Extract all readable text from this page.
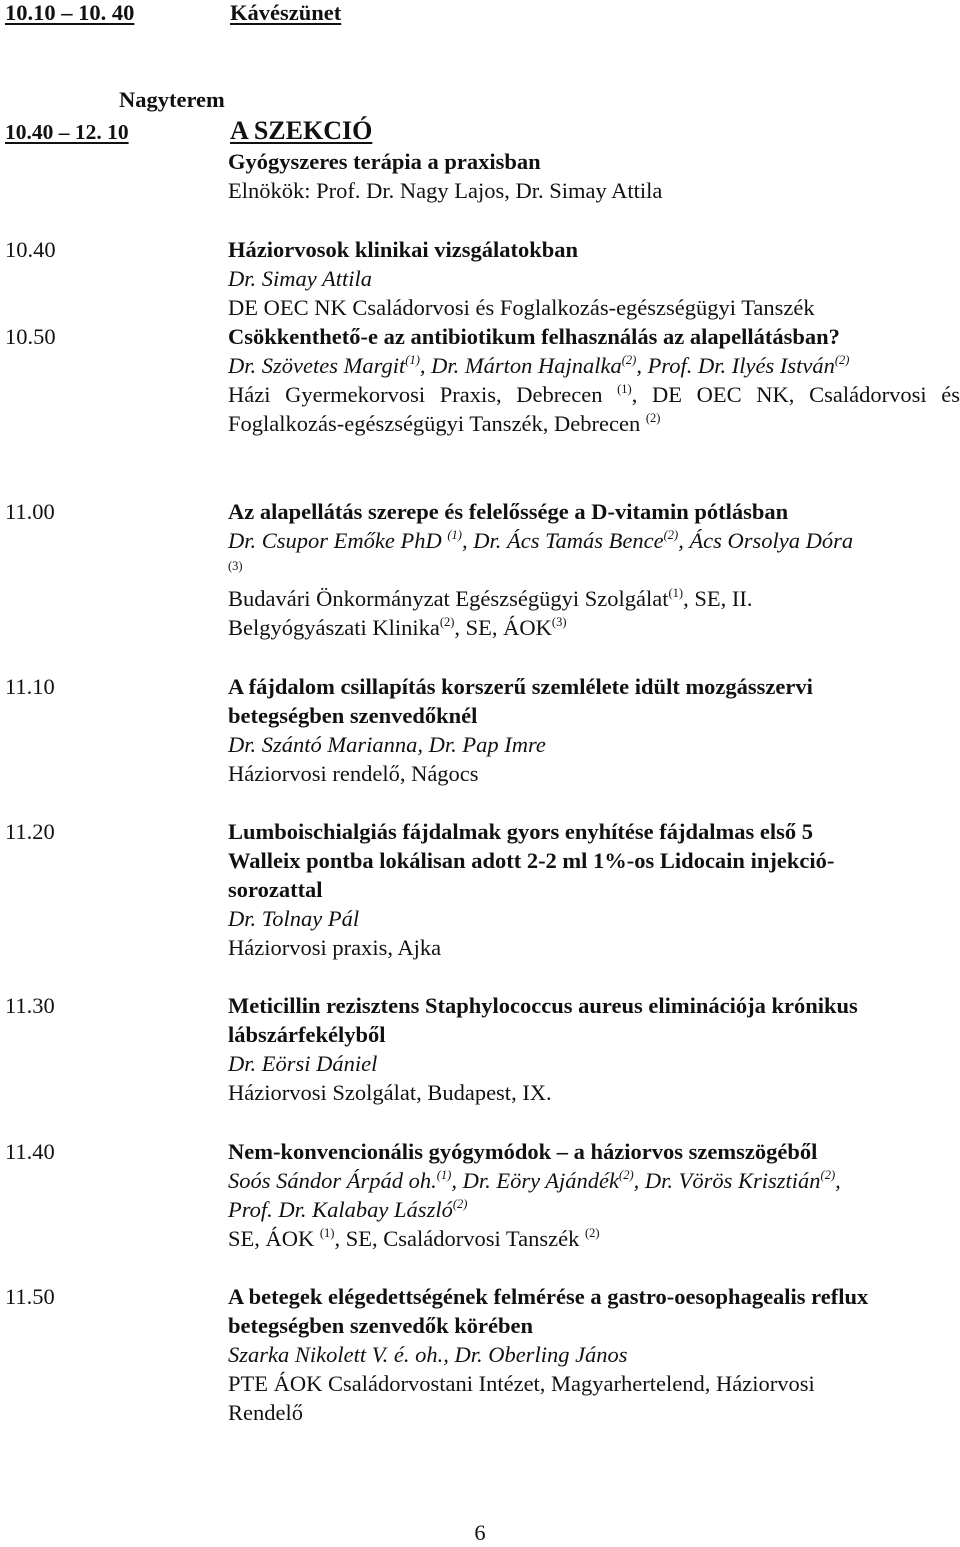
10.10 – 10. 40	Kávészünet
Nagyterem
10.40 – 12. 10	A SZEKCIÓ
Gyógyszeres terápia a praxisban
Elnökök: Prof. Dr. Nagy Lajos, Dr. Simay Attila
10.40	Háziorvosok klinikai vizsgálatokban
Dr. Simay Attila
DE OEC NK Családorvosi és Foglalkozás-egészségügyi Tanszék
10.50	Csökkenthető-e az antibiotikum felhasználás az alapellátásban?
Dr. Szövetes Margit$^{(1)}$, Dr. Márton Hajnalka$^{(2)}$, Prof. Dr. Ilyés István$^{(2)}$
Házi Gyermekorvosi Praxis, Debrecen $^{(1)}$, DE OEC NK, Családorvosi és
Foglalkozás-egészségügyi Tanszék, Debrecen $^{(2)}$
11.00	Az alapellátás szerepe és felelőssége a D-vitamin pótlásban
Dr. Csupor Emőke PhD $^{(1)}$, Dr. Ács Tamás Bence$^{(2)}$, Ács Orsolya Dóra
(3)
Budavári Önkormányzat Egészségügyi Szolgálat$^{(1)}$, SE, II.
Belgyógyászati Klinika$^{(2)}$, SE, ÁOK$^{(3)}$
11.10	A fájdalom csillapítás korszerű szemlélete idült mozgásszervi
betegségben szenvedőknél
Dr. Szántó Marianna, Dr. Pap Imre
Háziorvosi rendelő, Nágocs
11.20	Lumboischialgiás fájdalmak gyors enyhítése fájdalmas első 5
Walleix pontba lokálisan adott 2-2 ml 1%-os Lidocain injekció-
sorozattal
Dr. Tolnay Pál
Háziorvosi praxis, Ajka
11.30	Meticillin rezisztens Staphylococcus aureus eliminációja krónikus
lábszárfekélyből
Dr. Eörsi Dániel
Háziorvosi Szolgálat, Budapest, IX.
11.40	Nem-konvencionális gyógymódok – a háziorvos szemszögéből
Soós Sándor Árpád oh.$^{(1)}$, Dr. Eöry Ajándék$^{(2)}$, Dr. Vörös Krisztián$^{(2)}$,
Prof. Dr. Kalabay László$^{(2)}$
SE, ÁOK $^{(1)}$, SE, Családorvosi Tanszék $^{(2)}$
11.50	A betegek elégedettségének felmérése a gastro-oesophagealis reflux
betegségben szenvedők körében
Szarka Nikolett V. é. oh., Dr. Oberling János
PTE ÁOK Családorvostani Intézet, Magyarhertelend, Háziorvosi
Rendelő
6
